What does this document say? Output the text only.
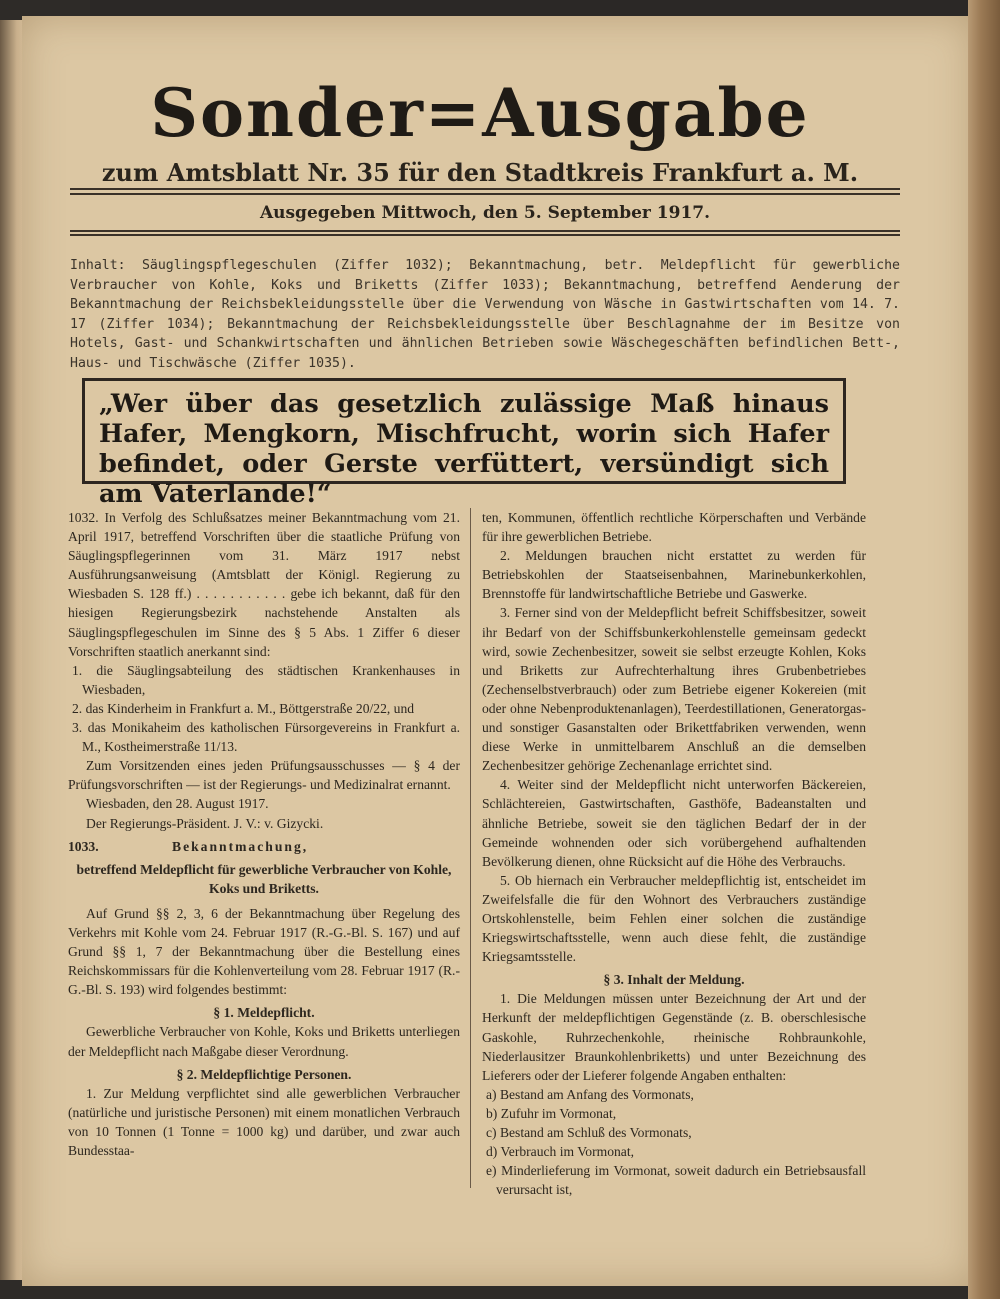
Sonder=Ausgabe
zum Amtsblatt Nr. 35 für den Stadtkreis Frankfurt a. M.
Ausgegeben Mittwoch, den 5. September 1917.
Inhalt: Säuglingspflegeschulen (Ziffer 1032); Bekanntmachung, betr. Meldepflicht für gewerbliche Verbraucher von Kohle, Koks und Briketts (Ziffer 1033); Bekanntmachung, betreffend Aenderung der Bekanntmachung der Reichsbekleidungsstelle über die Verwendung von Wäsche in Gastwirtschaften vom 14. 7. 17 (Ziffer 1034); Bekanntmachung der Reichsbekleidungsstelle über Beschlagnahme der im Besitze von Hotels, Gast- und Schankwirtschaften und ähnlichen Betrieben sowie Wäschegeschäften befindlichen Bett-, Haus- und Tischwäsche (Ziffer 1035).
„Wer über das gesetzlich zulässige Maß hinaus Hafer, Mengkorn, Mischfrucht, worin sich Hafer befindet, oder Gerste verfüttert, versündigt sich am Vaterlande!“

1032. In Verfolg des Schlußsatzes meiner Bekanntmachung vom 21. April 1917, betreffend Vorschriften über die staatliche Prüfung von Säuglingspflegerinnen vom 31. März 1917 nebst Ausführungsanweisung (Amtsblatt der Königl. Regierung zu Wiesbaden S. 128 ff.) . . . . . . . . . . . gebe ich bekannt, daß für den hiesigen Regierungsbezirk nachstehende Anstalten als Säuglingspflegeschulen im Sinne des § 5 Abs. 1 Ziffer 6 dieser Vorschriften staatlich anerkannt sind:

1. die Säuglingsabteilung des städtischen Krankenhauses in Wiesbaden,

2. das Kinderheim in Frankfurt a. M., Böttgerstraße 20/22, und

3. das Monikaheim des katholischen Fürsorgevereins in Frankfurt a. M., Kostheimerstraße 11/13.

Zum Vorsitzenden eines jeden Prüfungsausschusses — § 4 der Prüfungsvorschriften — ist der Regierungs- und Medizinalrat ernannt.

Wiesbaden, den 28. August 1917.

Der Regierungs-Präsident. J. V.: v. Gizycki.

1033.	Bekanntmachung,

betreffend Meldepflicht für gewerbliche Verbraucher von Kohle, Koks und Briketts.

Auf Grund §§ 2, 3, 6 der Bekanntmachung über Regelung des Verkehrs mit Kohle vom 24. Februar 1917 (R.-G.-Bl. S. 167) und auf Grund §§ 1, 7 der Bekanntmachung über die Bestellung eines Reichskommissars für die Kohlenverteilung vom 28. Februar 1917 (R.-G.-Bl. S. 193) wird folgendes bestimmt:

§ 1. Meldepflicht.

Gewerbliche Verbraucher von Kohle, Koks und Briketts unterliegen der Meldepflicht nach Maßgabe dieser Verordnung.

§ 2. Meldepflichtige Personen.

1. Zur Meldung verpflichtet sind alle gewerblichen Verbraucher (natürliche und juristische Personen) mit einem monatlichen Verbrauch von 10 Tonnen (1 Tonne = 1000 kg) und darüber, und zwar auch Bundesstaa-

ten, Kommunen, öffentlich rechtliche Körperschaften und Verbände für ihre gewerblichen Betriebe.

2. Meldungen brauchen nicht erstattet zu werden für Betriebskohlen der Staatseisenbahnen, Marinebunkerkohlen, Brennstoffe für landwirtschaftliche Betriebe und Gaswerke.

3. Ferner sind von der Meldepflicht befreit Schiffsbesitzer, soweit ihr Bedarf von der Schiffsbunkerkohlenstelle gemeinsam gedeckt wird, sowie Zechenbesitzer, soweit sie selbst erzeugte Kohlen, Koks und Briketts zur Aufrechterhaltung ihres Grubenbetriebes (Zechenselbstverbrauch) oder zum Betriebe eigener Kokereien (mit oder ohne Nebenproduktenanlagen), Teerdestillationen, Generatorgas- und sonstiger Gasanstalten oder Brikettfabriken verwenden, wenn diese Werke in unmittelbarem Anschluß an die demselben Zechenbesitzer gehörige Zechenanlage errichtet sind.

4. Weiter sind der Meldepflicht nicht unterworfen Bäckereien, Schlächtereien, Gastwirtschaften, Gasthöfe, Badeanstalten und ähnliche Betriebe, soweit sie den täglichen Bedarf der in der Gemeinde wohnenden oder sich vorübergehend aufhaltenden Bevölkerung dienen, ohne Rücksicht auf die Höhe des Verbrauchs.

5. Ob hiernach ein Verbraucher meldepflichtig ist, entscheidet im Zweifelsfalle die für den Wohnort des Verbrauchers zuständige Ortskohlenstelle, beim Fehlen einer solchen die zuständige Kriegswirtschaftsstelle, wenn auch diese fehlt, die zuständige Kriegsamtsstelle.

§ 3. Inhalt der Meldung.

1. Die Meldungen müssen unter Bezeichnung der Art und der Herkunft der meldepflichtigen Gegenstände (z. B. oberschlesische Gaskohle, Ruhrzechenkohle, rheinische Rohbraunkohle, Niederlausitzer Braunkohlenbriketts) und unter Bezeichnung des Lieferers oder der Lieferer folgende Angaben enthalten:

a) Bestand am Anfang des Vormonats,

b) Zufuhr im Vormonat,

c) Bestand am Schluß des Vormonats,

d) Verbrauch im Vormonat,

e) Minderlieferung im Vormonat, soweit dadurch ein Betriebsausfall verursacht ist,
